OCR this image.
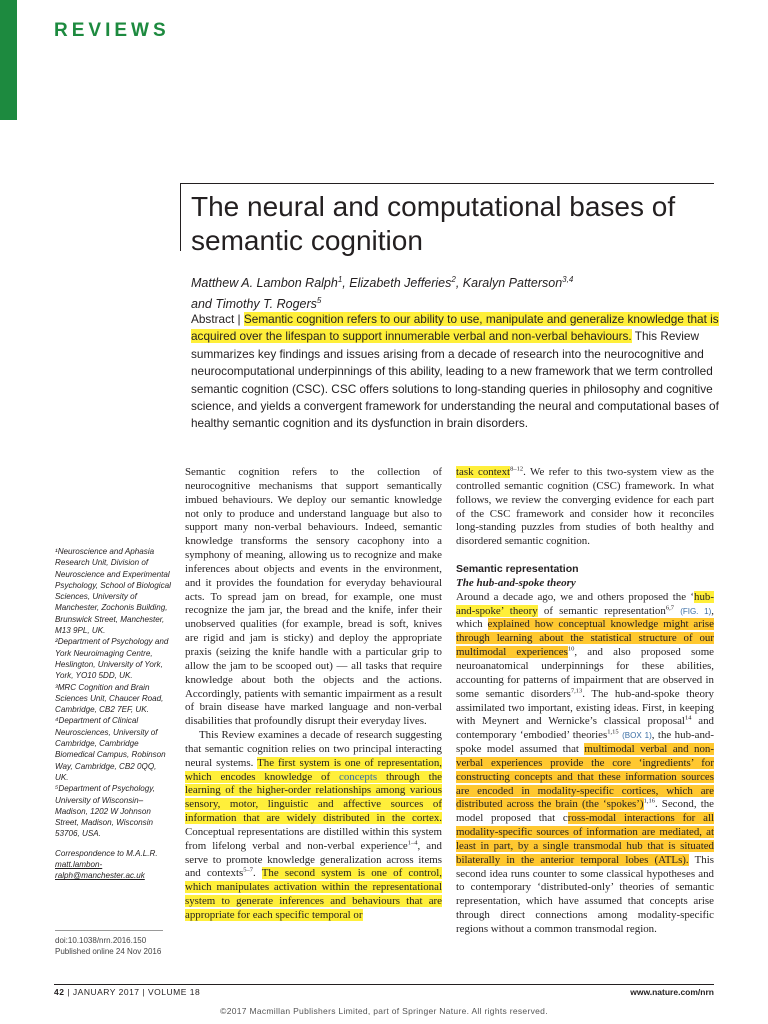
REVIEWS
The neural and computational bases of semantic cognition
Matthew A. Lambon Ralph$^1$, Elizabeth Jefferies$^2$, Karalyn Patterson$^{3,4}$
and Timothy T. Rogers$^5$
Abstract | Semantic cognition refers to our ability to use, manipulate and generalize knowledge that is acquired over the lifespan to support innumerable verbal and non-verbal behaviours. This Review summarizes key findings and issues arising from a decade of research into the neurocognitive and neurocomputational underpinnings of this ability, leading to a new framework that we term controlled semantic cognition (CSC). CSC offers solutions to long-standing queries in philosophy and cognitive science, and yields a convergent framework for understanding the neural and computational bases of healthy semantic cognition and its dysfunction in brain disorders.

Semantic cognition refers to the collection of neurocognitive mechanisms that support semantically imbued behaviours. We deploy our semantic knowledge not only to produce and understand language but also to support many non-verbal behaviours. Indeed, semantic knowledge transforms the sensory cacophony into a symphony of meaning, allowing us to recognize and make inferences about objects and events in the environment, and it provides the foundation for everyday behavioural acts. To spread jam on bread, for example, one must recognize the jam jar, the bread and the knife, infer their unobserved qualities (for example, bread is soft, knives are rigid and jam is sticky) and deploy the appropriate praxis (seizing the knife handle with a particular grip to allow the jam to be scooped out) — all tasks that require knowledge about both the objects and the actions. Accordingly, patients with semantic impairment as a result of brain disease have marked language and non-verbal disabilities that profoundly disrupt their everyday lives.

This Review examines a decade of research suggesting that semantic cognition relies on two principal interacting neural systems. The first system is one of representation, which encodes knowledge of concepts through the learning of the higher-order relationships among various sensory, motor, linguistic and affective sources of information that are widely distributed in the cortex. Conceptual representations are distilled within this system from lifelong verbal and non-verbal experience$^{1-4}$, and serve to promote knowledge generalization across items and contexts$^{5-7}$. The second system is one of control, which manipulates activation within the representational system to generate inferences and behaviours that are appropriate for each specific temporal or

task context$^{8-12}$. We refer to this two-system view as the controlled semantic cognition (CSC) framework. In what follows, we review the converging evidence for each part of the CSC framework and consider how it reconciles long-standing puzzles from studies of both healthy and disordered semantic cognition.

Semantic representation
The hub-and-spoke theory

Around a decade ago, we and others proposed the ‘hub-and-spoke’ theory of semantic representation$^{6,7}$ (FIG. 1), which explained how conceptual knowledge might arise through learning about the statistical structure of our multimodal experiences$^{10}$, and also proposed some neuroanatomical underpinnings for these abilities, accounting for patterns of impairment that are observed in some semantic disorders$^{7,13}$. The hub-and-spoke theory assimilated two important, existing ideas. First, in keeping with Meynert and Wernicke’s classical proposal$^{14}$ and contemporary ‘embodied’ theories$^{1,15}$ (BOX 1), the hub-and-spoke model assumed that multimodal verbal and non-verbal experiences provide the core ‘ingredients’ for constructing concepts and that these information sources are encoded in modality-specific cortices, which are distributed across the brain (the ‘spokes’)$^{1,16}$. Second, the model proposed that cross-modal interactions for all modality-specific sources of information are mediated, at least in part, by a single transmodal hub that is situated bilaterally in the anterior temporal lobes (ATLs). This second idea runs counter to some classical hypotheses and to contemporary ‘distributed-only’ theories of semantic representation, which have assumed that concepts arise through direct connections among modality-specific regions without a common transmodal region.

¹Neuroscience and Aphasia Research Unit, Division of Neuroscience and Experimental Psychology, School of Biological Sciences, University of Manchester, Zochonis Building, Brunswick Street, Manchester, M13 9PL, UK.

²Department of Psychology and York Neuroimaging Centre, Heslington, University of York, York, YO10 5DD, UK.

³MRC Cognition and Brain Sciences Unit, Chaucer Road, Cambridge, CB2 7EF, UK.

⁴Department of Clinical Neurosciences, University of Cambridge, Cambridge Biomedical Campus, Robinson Way, Cambridge, CB2 0QQ, UK.

⁵Department of Psychology, University of Wisconsin–Madison, 1202 W Johnson Street, Madison, Wisconsin 53706, USA.

Correspondence to M.A.L.R.

matt.lambon-ralph@manchester.ac.uk

doi:10.1038/nrn.2016.150
Published online 24 Nov 2016
42 | JANUARY 2017 | VOLUME 18	www.nature.com/nrn
©2017 Macmillan Publishers Limited, part of Springer Nature. All rights reserved.
